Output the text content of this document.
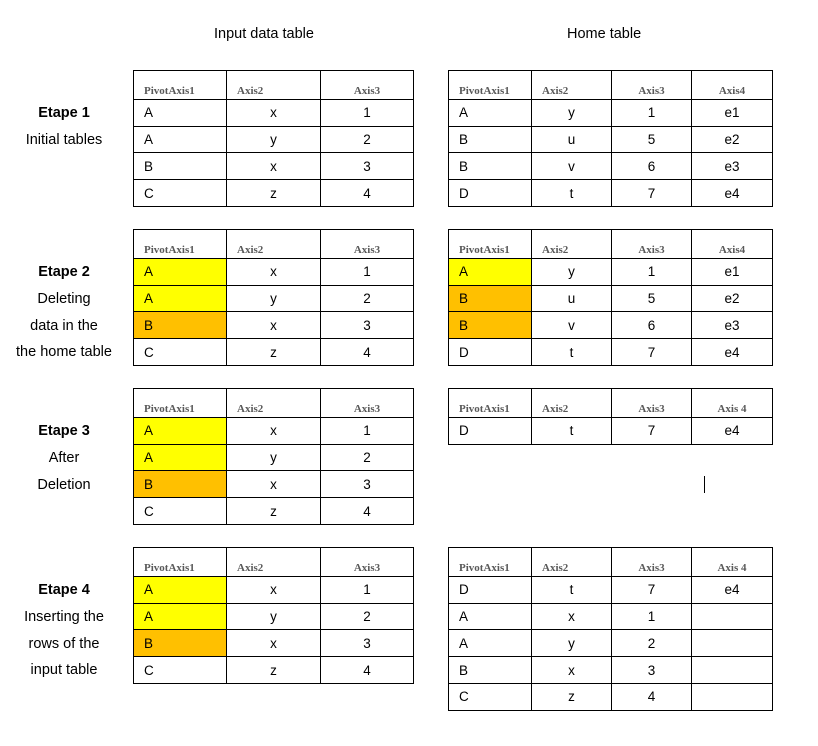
Input data table	Home table
Etape 1
Initial tables
PivotAxis1	Axis2	Axis3
A	x	1
A	y	2
B	x	3
C	z	4
PivotAxis1	Axis2	Axis3	Axis4
A	y	1	e1
B	u	5	e2
B	v	6	e3
D	t	7	e4
Etape 2
Deleting
data in the
the home table
PivotAxis1	Axis2	Axis3
A	x	1
A	y	2
B	x	3
C	z	4
PivotAxis1	Axis2	Axis3	Axis4
A	y	1	e1
B	u	5	e2
B	v	6	e3
D	t	7	e4
Etape 3
After
Deletion
PivotAxis1	Axis2	Axis3
A	x	1
A	y	2
B	x	3
C	z	4
PivotAxis1	Axis2	Axis3	Axis 4
D	t	7	e4
Etape 4
Inserting the
rows of the
input table
PivotAxis1	Axis2	Axis3
A	x	1
A	y	2
B	x	3
C	z	4
PivotAxis1	Axis2	Axis3	Axis 4
D	t	7	e4
A	x	1	
A	y	2	
B	x	3	
C	z	4	
